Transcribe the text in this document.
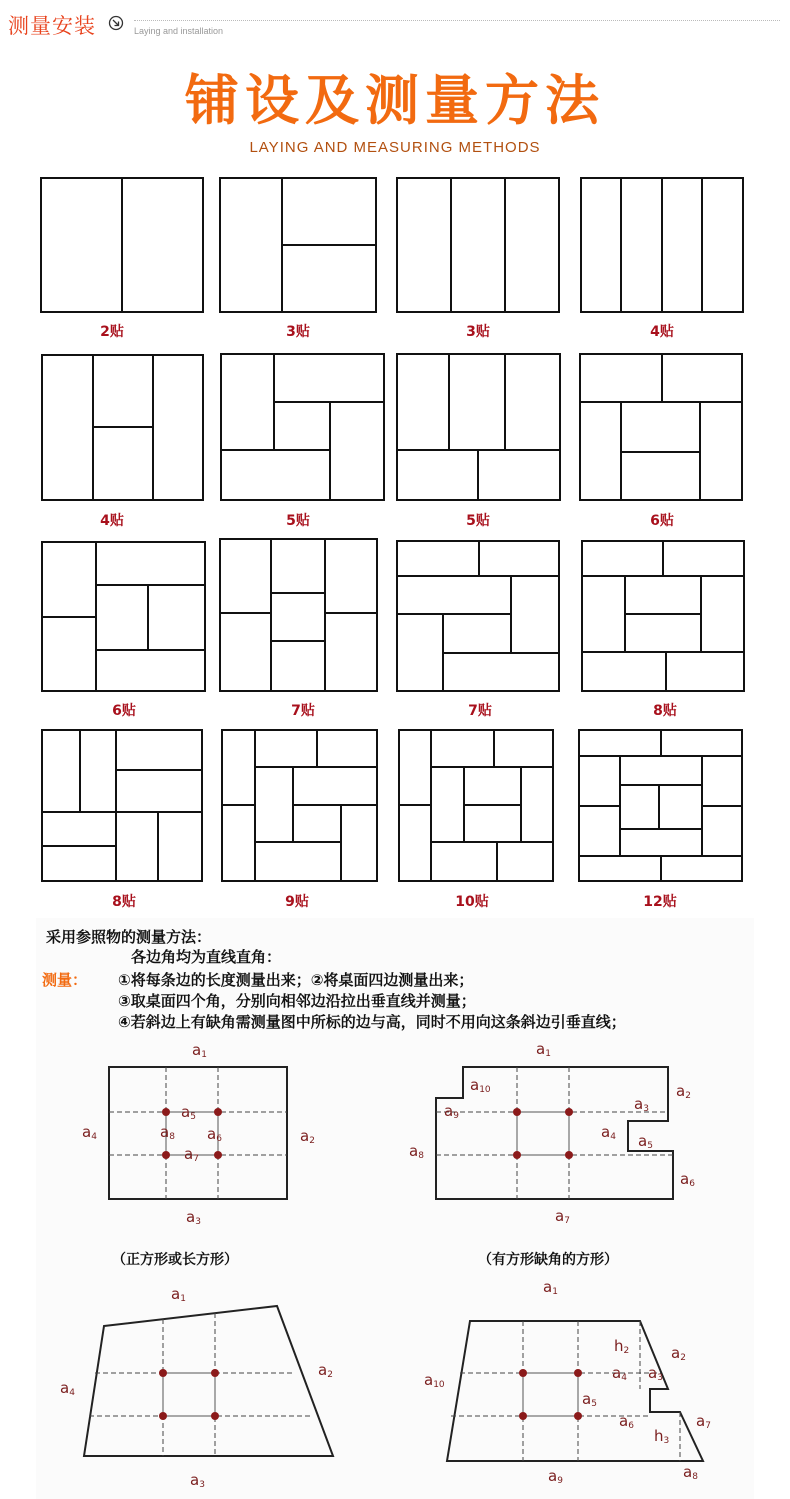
测量安装	Laying and installation
铺设及测量方法
LAYING AND MEASURING METHODS
2贴	3贴	3贴	4贴
4贴	5贴	5贴	6贴
6贴	7贴	7贴	8贴
8贴	9贴	10贴	12贴
采用参照物的测量方法：
测量：
各边角均为直线直角：
①将每条边的长度测量出来；②将桌面四边测量出来；
③取桌面四个角，分别向相邻边沿拉出垂直线并测量；
④若斜边上有缺角需测量图中所标的边与高，同时不用向这条斜边引垂直线；
a1
a2
a3
a4
a5
a6
a7
a8
a1
a2
a3
a4 a5
a6
a7
a8
a9
a10
a1
a2
a3
a4
a1
a2
a3
a4
a5
a6	a7
a8
a9
a10
h2
h3
（正方形或长方形）	（有方形缺角的方形）
